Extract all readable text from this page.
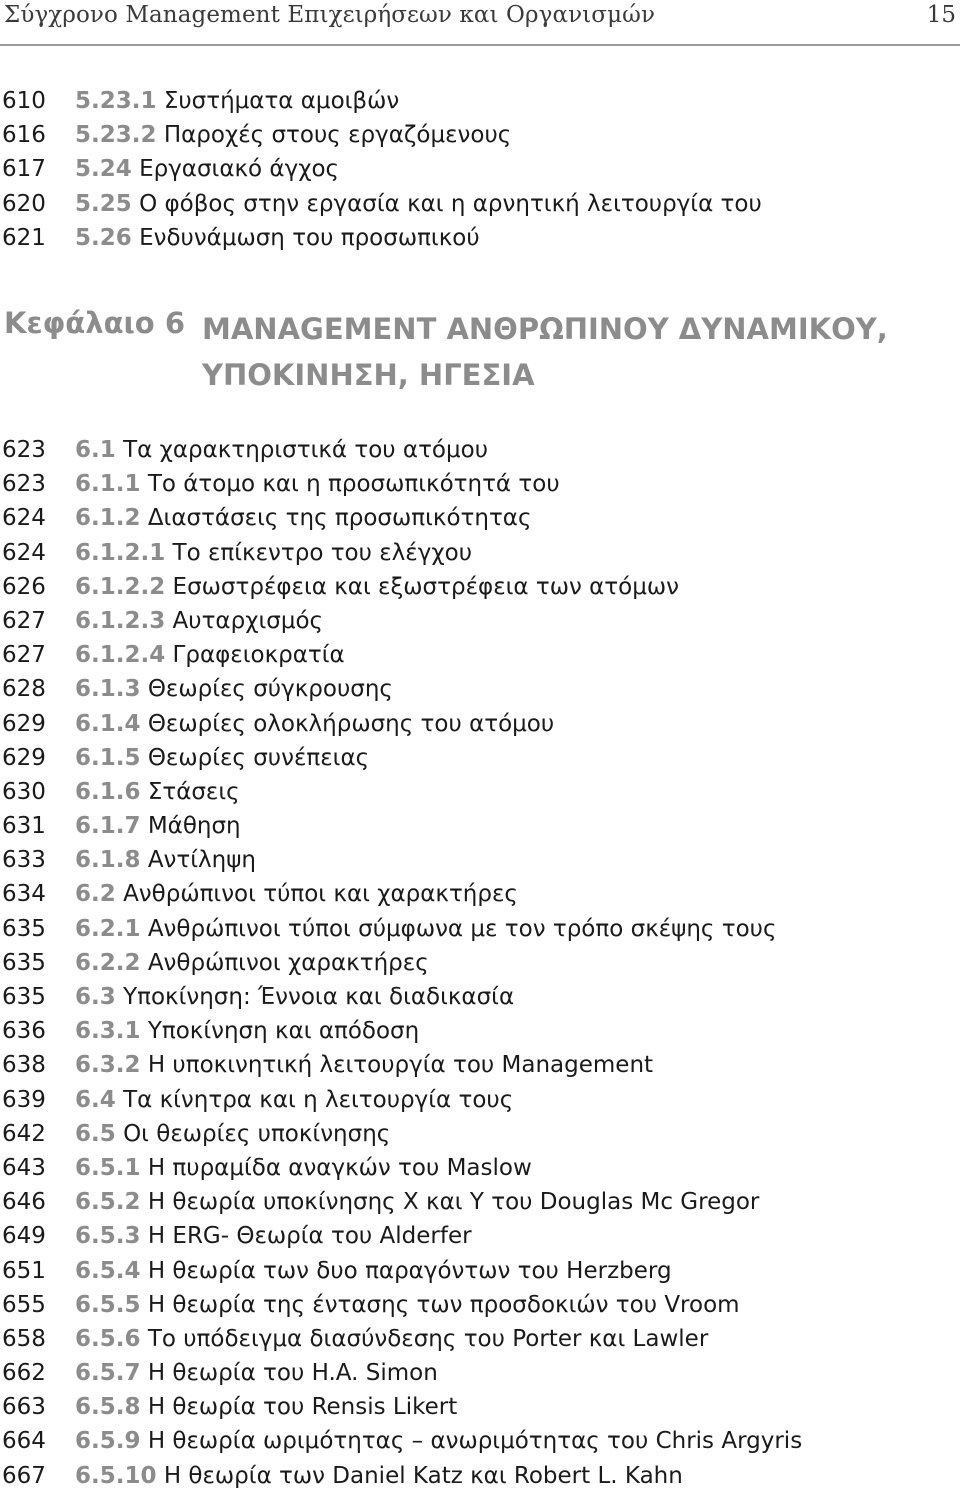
Σύγχρονο Management Επιχειρήσεων και Οργανισμών	15
610	5.23.1 Συστήματα αμοιβών
616	5.23.2 Παροχές στους εργαζόμενους
617	5.24 Εργασιακό άγχος
620	5.25 Ο φόβος στην εργασία και η αρνητική λειτουργία του
621	5.26 Ενδυνάμωση του προσωπικού
Κεφάλαιο 6 MANAGEMENT ΑΝΘΡΩΠΙΝΟΥ ΔΥΝΑΜΙΚΟΥ,
ΥΠΟΚΙΝΗΣΗ, ΗΓΕΣΙΑ
623	6.1 Τα χαρακτηριστικά του ατόμου
623	6.1.1 Το άτομο και η προσωπικότητά του
624	6.1.2 Διαστάσεις της προσωπικότητας
624	6.1.2.1 Το επίκεντρο του ελέγχου
626	6.1.2.2 Εσωστρέφεια και εξωστρέφεια των ατόμων
627	6.1.2.3 Αυταρχισμός
627	6.1.2.4 Γραφειοκρατία
628	6.1.3 Θεωρίες σύγκρουσης
629	6.1.4 Θεωρίες ολοκλήρωσης του ατόμου
629	6.1.5 Θεωρίες συνέπειας
630	6.1.6 Στάσεις
631	6.1.7 Μάθηση
633	6.1.8 Αντίληψη
634	6.2 Ανθρώπινοι τύποι και χαρακτήρες
635	6.2.1 Ανθρώπινοι τύποι σύμφωνα με τον τρόπο σκέψης τους
635	6.2.2 Ανθρώπινοι χαρακτήρες
635	6.3 Υποκίνηση: Έννοια και διαδικασία
636	6.3.1 Υποκίνηση και απόδοση
638	6.3.2 Η υποκινητική λειτουργία του Management
639	6.4 Τα κίνητρα και η λειτουργία τους
642	6.5 Οι θεωρίες υποκίνησης
643	6.5.1 Η πυραμίδα αναγκών του Maslow
646	6.5.2 Η θεωρία υποκίνησης Χ και Υ του Douglas Mc Gregor
649	6.5.3 Η ERG- Θεωρία του Alderfer
651	6.5.4 Η θεωρία των δυο παραγόντων του Herzberg
655	6.5.5 Η θεωρία της έντασης των προσδοκιών του Vroom
658	6.5.6 Το υπόδειγμα διασύνδεσης του Porter και Lawler
662	6.5.7 Η θεωρία του H.A. Simon
663	6.5.8 Η θεωρία του Rensis Likert
664	6.5.9 Η θεωρία ωριμότητας – ανωριμότητας του Chris Argyris
667	6.5.10 Η θεωρία των Daniel Katz και Robert L. Kahn
